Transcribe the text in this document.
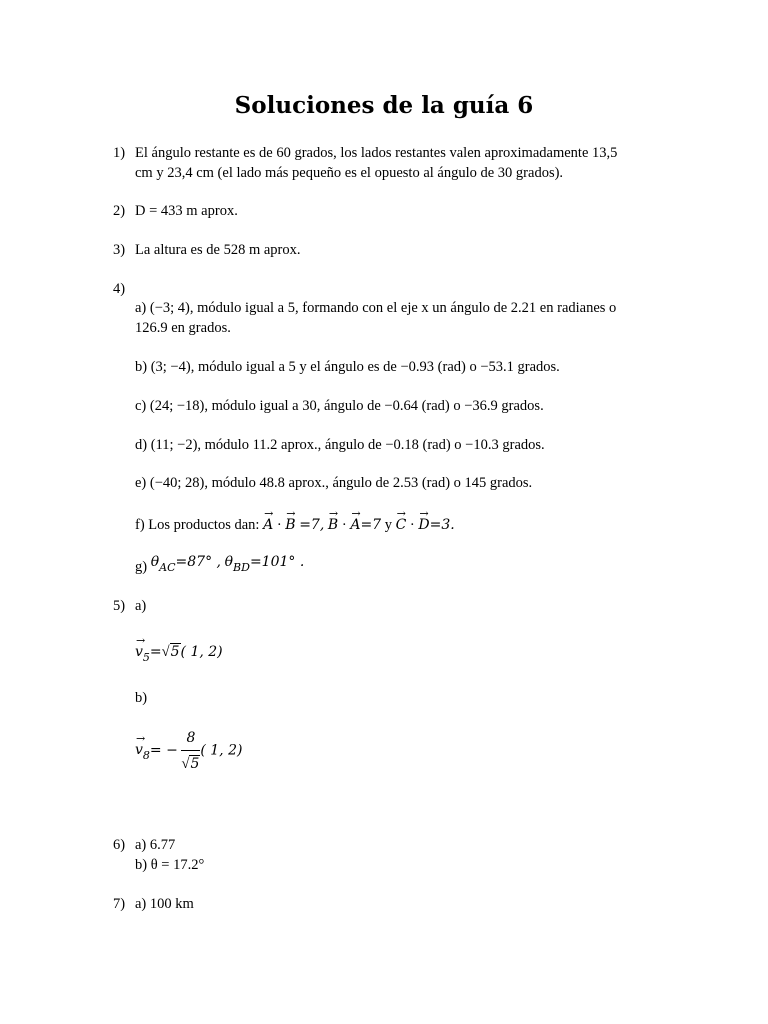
Soluciones de la guía 6
1) El ángulo restante es de 60 grados, los lados restantes valen aproximadamente 13,5
cm y 23,4 cm (el lado más pequeño es el opuesto al ángulo de 30 grados).
2) D = 433 m aprox.
3) La altura es de 528 m aprox.
4)
a) (−3; 4), módulo igual a 5, formando con el eje x un ángulo de 2.21 en radianes o
126.9 en grados.
b) (3; −4), módulo igual a 5 y el ángulo es de −0.93 (rad) o −53.1 grados.
c) (24; −18), módulo igual a 30, ángulo de −0.64 (rad) o −36.9 grados.
d) (11; −2), módulo 11.2 aprox., ángulo de −0.18 (rad) o −10.3 grados.
e) (−40; 28), módulo 48.8 aprox., ángulo de 2.53 (rad) o 145 grados.
f) Los productos dan: → A · → B =7, → B · → A=7 y → C · → D=3.
g) $\theta_{AC}=87^\circ$ , $\theta_{BD}=101^\circ$ .
5) a)
→ $v_5=√5$( 1, 2)
b)
→ $v_8= - \frac{8}{√5}$ ( 1, 2)
6) a) 6.77
b) θ = 17.2°
7) a) 100 km
